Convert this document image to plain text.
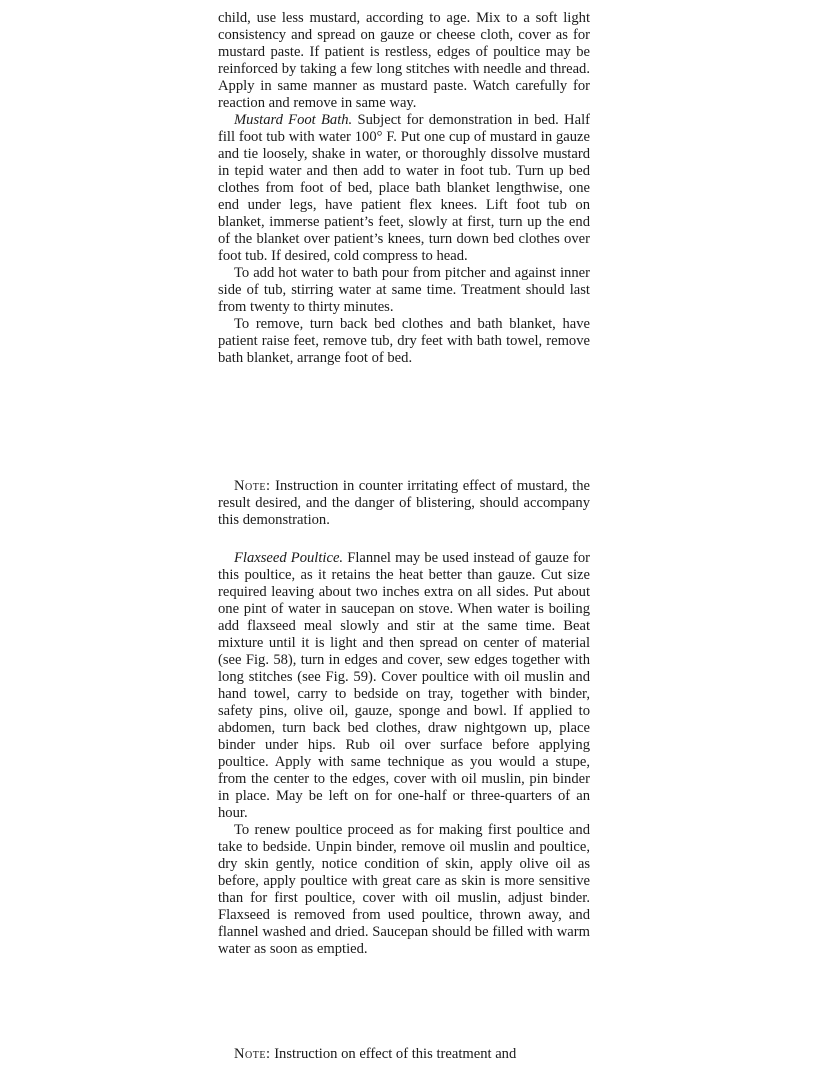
child, use less mustard, according to age. Mix to a soft light consistency and spread on gauze or cheese cloth, cover as for mustard paste. If patient is restless, edges of poultice may be reinforced by taking a few long stitches with needle and thread. Apply in same manner as mustard paste. Watch carefully for reaction and remove in same way.

Mustard Foot Bath. Subject for demonstration in bed. Half fill foot tub with water 100° F. Put one cup of mustard in gauze and tie loosely, shake in water, or thoroughly dissolve mustard in tepid water and then add to water in foot tub. Turn up bed clothes from foot of bed, place bath blanket lengthwise, one end under legs, have patient flex knees. Lift foot tub on blanket, immerse patient’s feet, slowly at first, turn up the end of the blanket over patient’s knees, turn down bed clothes over foot tub. If desired, cold compress to head.

To add hot water to bath pour from pitcher and against inner side of tub, stirring water at same time. Treatment should last from twenty to thirty minutes.

To remove, turn back bed clothes and bath blanket, have patient raise feet, remove tub, dry feet with bath towel, remove bath blanket, arrange foot of bed.

Note: Instruction in counter irritating effect of mustard, the result desired, and the danger of blistering, should accompany this demonstration.

Flaxseed Poultice. Flannel may be used instead of gauze for this poultice, as it retains the heat better than gauze. Cut size required leaving about two inches extra on all sides. Put about one pint of water in saucepan on stove. When water is boiling add flaxseed meal slowly and stir at the same time. Beat mixture until it is light and then spread on center of material (see Fig. 58), turn in edges and cover, sew edges together with long stitches (see Fig. 59). Cover poultice with oil muslin and hand towel, carry to bedside on tray, together with binder, safety pins, olive oil, gauze, sponge and bowl. If applied to abdomen, turn back bed clothes, draw nightgown up, place binder under hips. Rub oil over surface before applying poultice. Apply with same technique as you would a stupe, from the center to the edges, cover with oil muslin, pin binder in place. May be left on for one-half or three-quarters of an hour.

To renew poultice proceed as for making first poultice and take to bedside. Unpin binder, remove oil muslin and poultice, dry skin gently, notice condition of skin, apply olive oil as before, apply poultice with great care as skin is more sensitive than for first poultice, cover with oil muslin, adjust binder. Flaxseed is removed from used poultice, thrown away, and flannel washed and dried. Saucepan should be filled with warm water as soon as emptied.

Note: Instruction on effect of this treatment and
